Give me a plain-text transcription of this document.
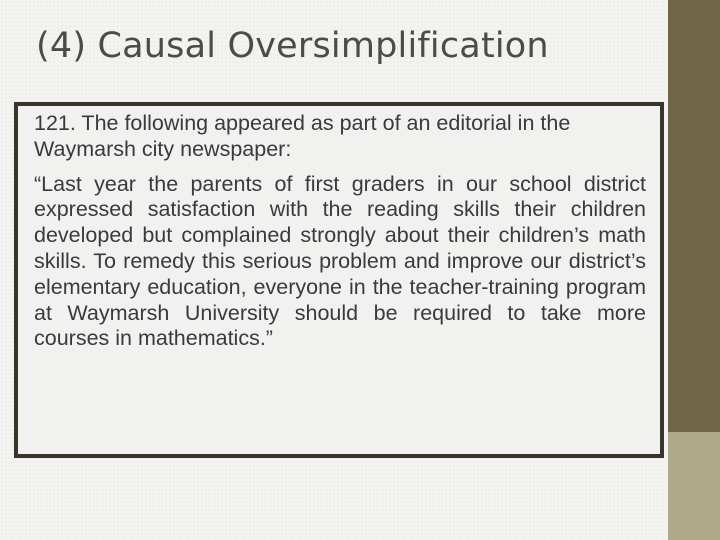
(4) Causal Oversimplification

121. The following appeared as part of an editorial in the Waymarsh city newspaper:

“Last year the parents of first graders in our school district expressed satisfaction with the reading skills their children developed but complained strongly about their children’s math skills. To remedy this serious problem and improve our district’s elementary education, everyone in the teacher-training program at Waymarsh University should be required to take more courses in mathematics.”
